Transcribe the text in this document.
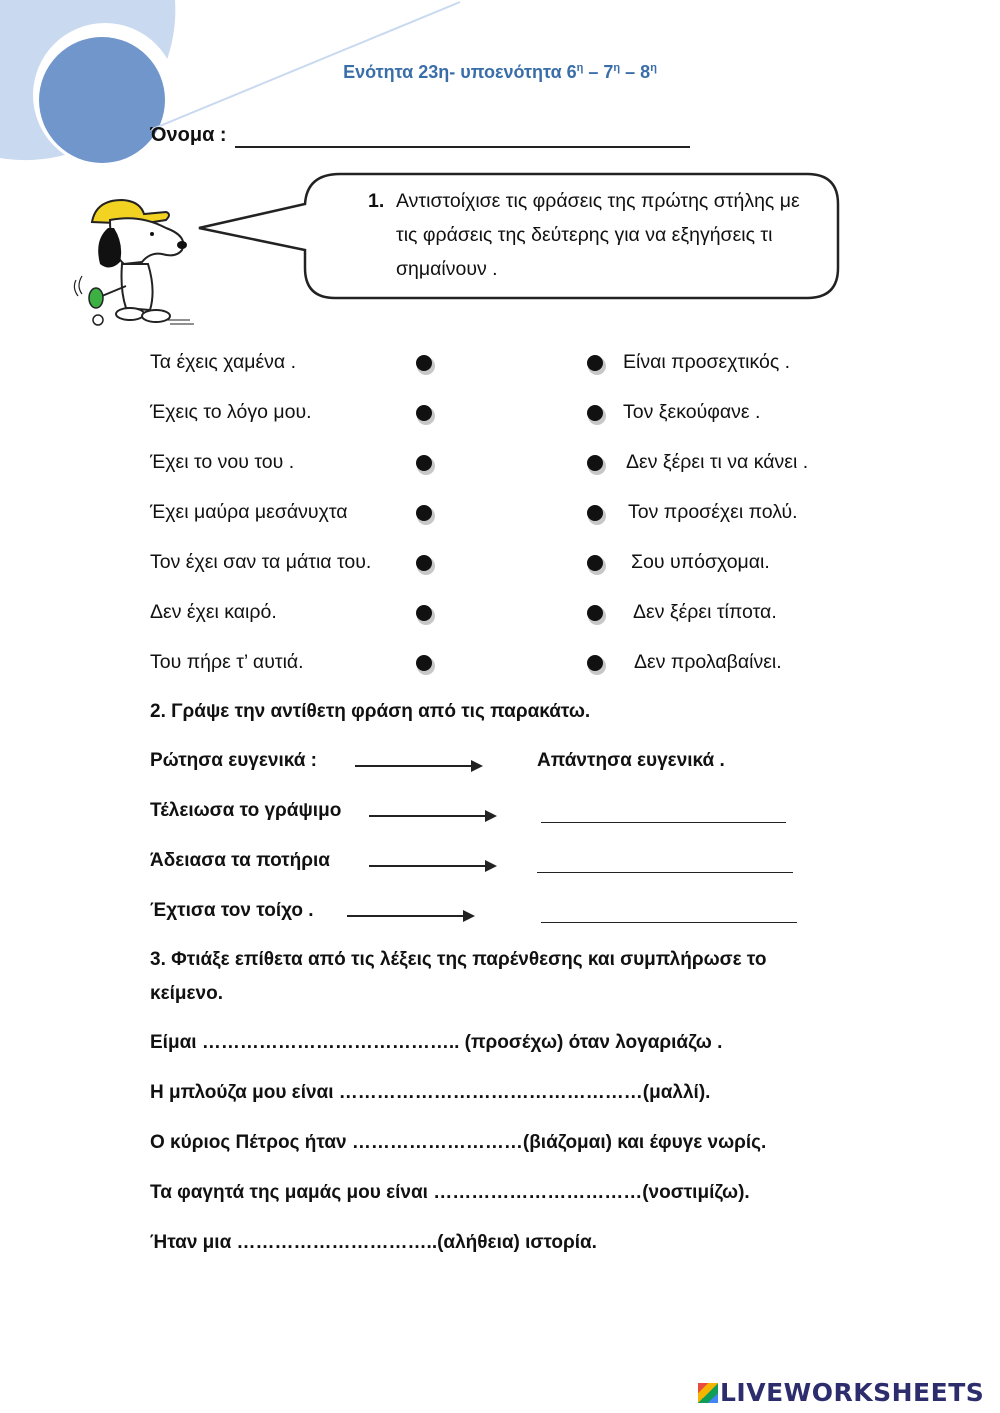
Ενότητα 23η- υποενότητα $6^\eta - 7^\eta - 8^\eta$
Όνομα :
1. Αντιστοίχισε τις φράσεις της πρώτης στήλης με τις φράσεις της δεύτερης για να εξηγήσεις τι σημαίνουν .
Τα έχεις χαμένα .	Είναι προσεχτικός .
Έχεις το λόγο μου.	Τον ξεκούφανε .
Έχει το νου του .	Δεν ξέρει τι να κάνει .
Έχει μαύρα μεσάνυχτα	Τον προσέχει πολύ.
Τον έχει σαν τα μάτια του.	Σου υπόσχομαι.
Δεν έχει καιρό.	Δεν ξέρει τίποτα.
Του πήρε τ’ αυτιά.	Δεν προλαβαίνει.
2. Γράψε την αντίθετη φράση από τις παρακάτω.
Ρώτησα ευγενικά :	Απάντησα ευγενικά .
Τέλειωσα το γράψιμο
Άδειασα τα ποτήρια
Έχτισα τον τοίχο .
3. Φτιάξε επίθετα από τις λέξεις της παρένθεσης και συμπλήρωσε το
κείμενο.
Είμαι ………………………………….. (προσέχω) όταν λογαριάζω .
Η μπλούζα μου είναι …………………………………………(μαλλί).
Ο κύριος Πέτρος ήταν ………………………(βιάζομαι) και έφυγε νωρίς.
Τα φαγητά της μαμάς μου είναι ……………………………(νοστιμίζω).
Ήταν μια …………………………..(αλήθεια) ιστορία.
LIVEWORKSHEETS
